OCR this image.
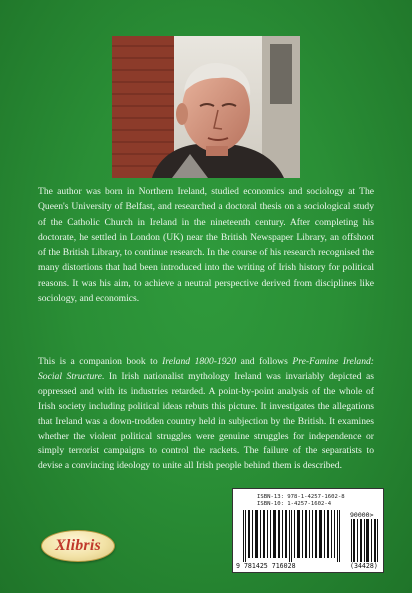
The author was born in Northern Ireland, studied economics and sociology at The Queen's University of Belfast, and researched a doctoral thesis on a sociological study of the Catholic Church in Ireland in the nineteenth century. After completing his doctorate, he settled in London (UK) near the British Newspaper Library, an offshoot of the British Library, to continue research. In the course of his research recognised the many distortions that had been introduced into the writing of Irish history for political reasons. It was his aim, to achieve a neutral perspective derived from disciplines like sociology, and economics.

This is a companion book to Ireland 1800-1920 and follows Pre-Famine Ireland: Social Structure. In Irish nationalist mythology Ireland was invariably depicted as oppressed and with its industries retarded. A point-by-point analysis of the whole of Irish society including political ideas rebuts this picture. It investigates the allegations that Ireland was a down-trodden country held in subjection by the British. It examines whether the violent political struggles were genuine struggles for independence or simply terrorist campaigns to control the rackets. The failure of the separatists to devise a convincing ideology to unite all Irish people behind them is described.

Xlibris
ISBN-13: 978-1-4257-1602-8
ISBN-10: 1-4257-1602-4
90000>
9 781425 716028	(34428)
